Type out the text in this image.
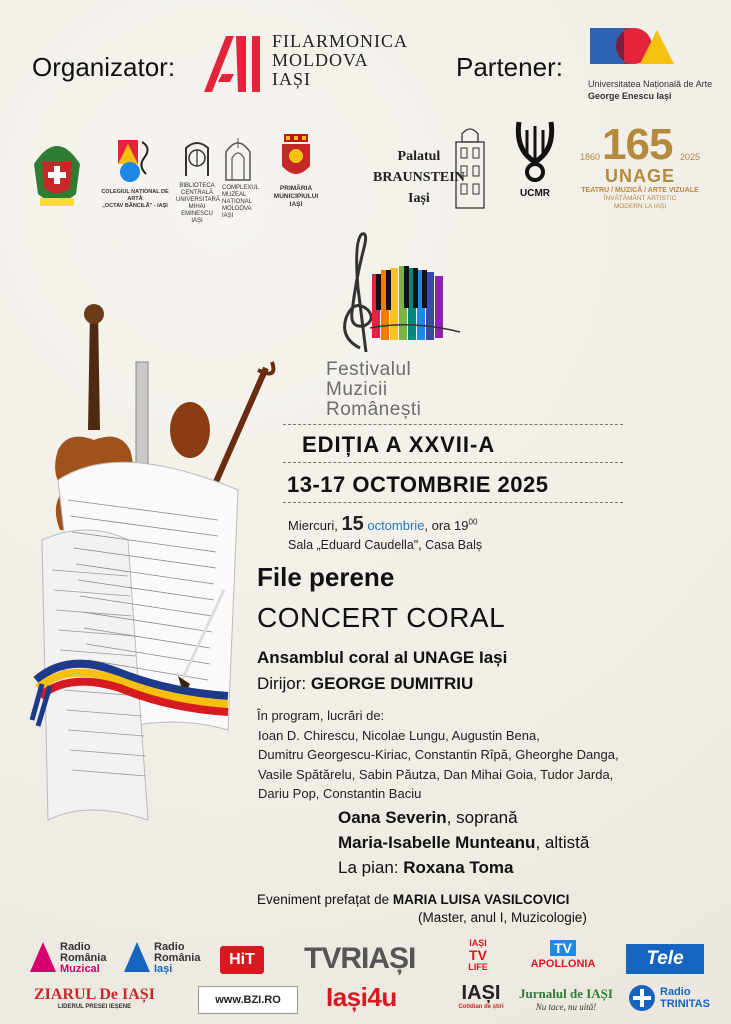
Organizator:
FILARMONICA
MOLDOVA
IAȘI	Partener:
Universitatea Națională de Arte
George Enescu Iași
COLEGIUL NAȚIONAL DE ARTĂ
„OCTAV BĂNCILĂ" - IAȘI
BIBLIOTECA
CENTRALĂ
UNIVERSITARĂ
MIHAI EMINESCU
IAȘI
COMPLEXUL
MUZEAL
NAȚIONAL
MOLDOVA
IAȘI
PRIMĂRIA
MUNICIPIULUI
IAȘI
Palatul
BRAUNSTEIN
Iași	UCMR
1860 165 2025
UNAGE
TEATRU / MUZICĂ / ARTE VIZUALE
ÎNVĂȚĂMÂNT ARTISTIC
MODERN LA IAȘI
Festivalul
Muzicii Românești
EDIȚIA A XXVII-A
13-17 OCTOMBRIE 2025
Miercuri, 15 octombrie, ora $19^{00}$
Sala „Eduard Caudella", Casa Balș
File perene
CONCERT CORAL
Ansamblul coral al UNAGE Iași
Dirijor: GEORGE DUMITRIU
În program, lucrări de:
Ioan D. Chirescu, Nicolae Lungu, Augustin Bena,
Dumitru Georgescu-Kiriac, Constantin Rîpă, Gheorghe Danga,
Vasile Spătărelu, Sabin Păutza, Dan Mihai Goia, Tudor Jarda,
Dariu Pop, Constantin Baciu
Oana Severin, soprană
Maria-Isabelle Munteanu, altistă
La pian: Roxana Toma
Eveniment prefațat de MARIA LUISA VASILCOVICI
(Master, anul I, Muzicologie)
Radio
România
Muzical
Radio
România
Iași
HiT	TVRIAȘI	IAȘI
TV
LIFE
TV
APOLLONIA	Tele
ZIARUL De IAȘI
LIDERUL PRESEI IEȘENE
www.BZI.RO	Iași4u	IAȘI
Cotidian de știri
Jurnalul de IAȘI
Nu tace, nu uită!
Radio
TRINITAS
